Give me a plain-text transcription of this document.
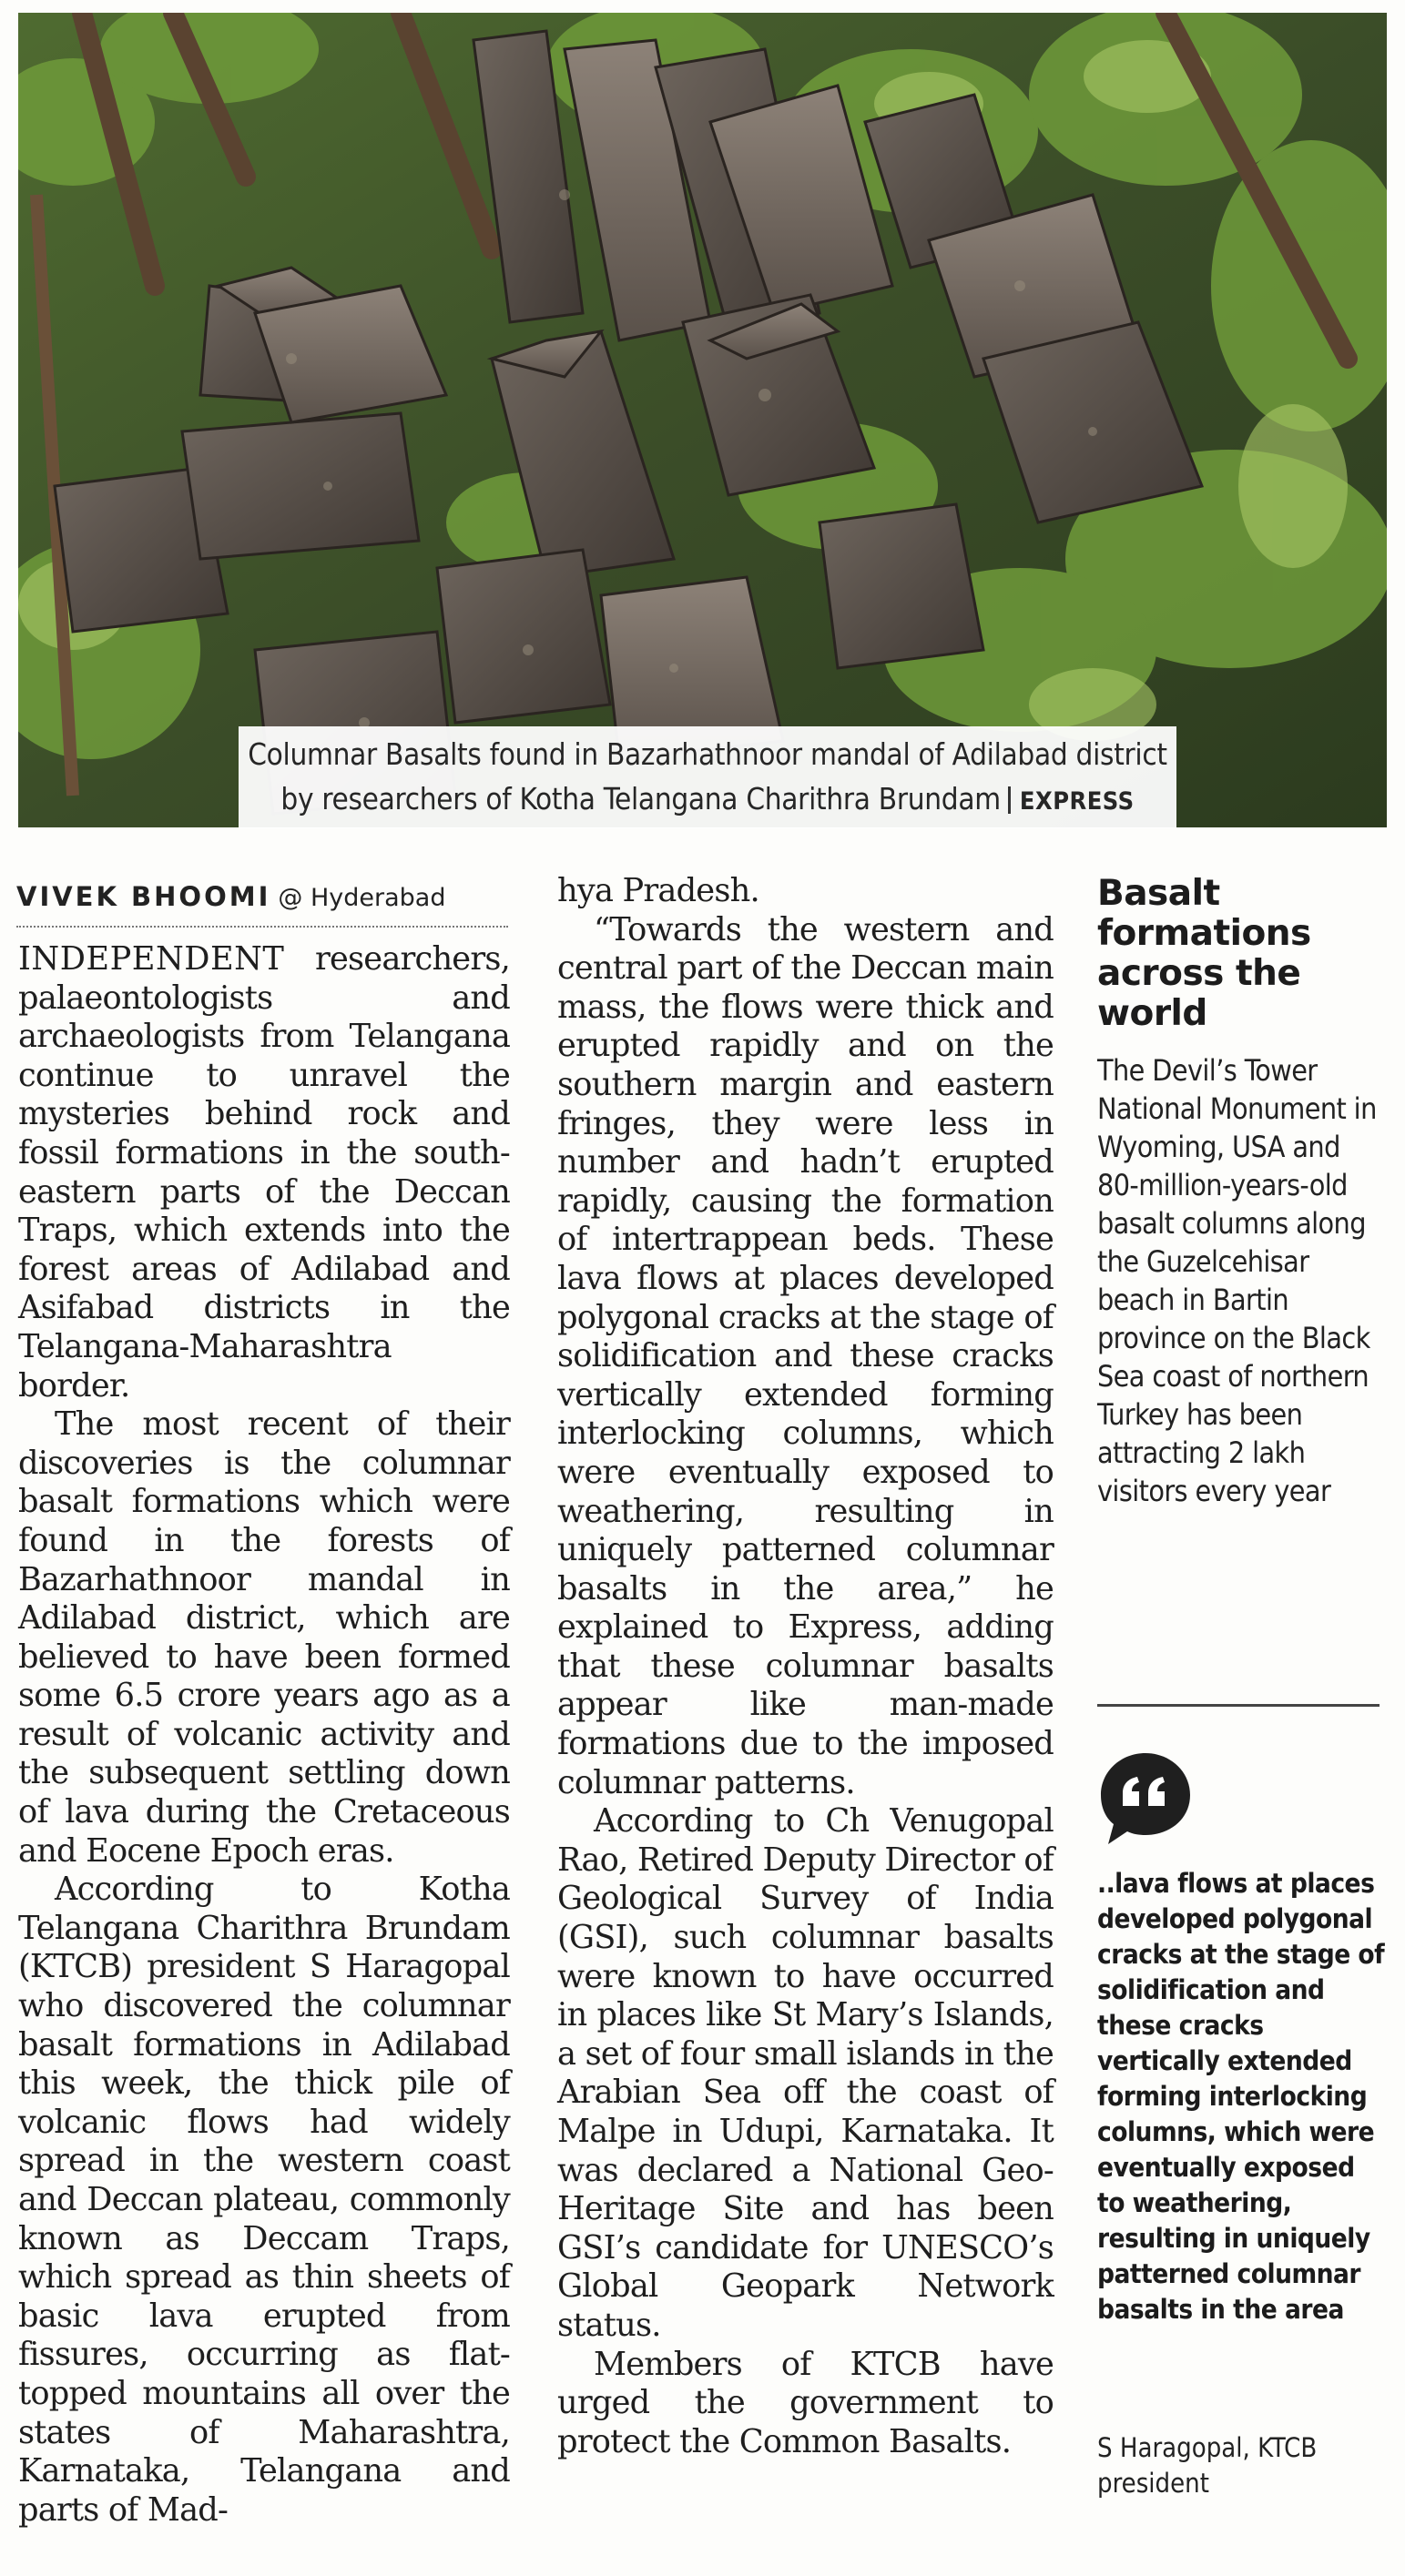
Columnar Basalts found in Bazarhathnoor mandal of Adilabad district
by researchers of Kotha Telangana Charithra Brundam EXPRESS
VIVEK BHOOMI @ Hyderabad

INDEPENDENT researchers, palaeontologists and archaeologists from Telangana continue to unravel the mysteries behind rock and fossil formations in the south-eastern parts of the Deccan Traps, which extends into the forest areas of Adilabad and Asifabad districts in the Telangana-Maharashtra border.

The most recent of their discoveries is the columnar basalt formations which were found in the forests of Bazarhathnoor mandal in Adilabad district, which are believed to have been formed some 6.5 crore years ago as a result of volcanic activity and the subsequent settling down of lava during the Cretaceous and Eocene Epoch eras.

According to Kotha Telangana Charithra Brundam (KTCB) president S Haragopal who discovered the columnar basalt formations in Adilabad this week, the thick pile of volcanic flows had widely spread in the western coast and Deccan plateau, commonly known as Deccam Traps, which spread as thin sheets of basic lava erupted from fissures, occurring as flat-topped mountains all over the states of Maharashtra, Karnataka, Telangana and parts of Mad-

hya Pradesh.

“Towards the western and central part of the Deccan main mass, the flows were thick and erupted rapidly and on the southern margin and eastern fringes, they were less in number and hadn’t erupted rapidly, causing the formation of intertrappean beds. These lava flows at places developed polygonal cracks at the stage of solidification and these cracks vertically extended forming interlocking columns, which were eventually exposed to weathering, resulting in uniquely patterned columnar basalts in the area,” he explained to Express, adding that these columnar basalts appear like man-made formations due to the imposed columnar patterns.

According to Ch Venugopal Rao, Retired Deputy Director of Geological Survey of India (GSI), such columnar basalts were known to have occurred in places like St Mary’s Islands, a set of four small islands in the Arabian Sea off the coast of Malpe in Udupi, Karnataka. It was declared a National Geo-Heritage Site and has been GSI’s candidate for UNESCO’s Global Geopark Network status.

Members of KTCB have urged the government to protect the Common Basalts.

Basalt formations across the world
The Devil’s Tower National Monument in Wyoming, USA and 80-million-years-old basalt columns along the Guzelcehisar beach in Bartin province on the Black Sea coast of northern Turkey has been attracting 2 lakh visitors every year
..lava flows at places developed polygonal cracks at the stage of solidification and these cracks vertically extended forming interlocking columns, which were eventually exposed to weathering, resulting in uniquely patterned columnar basalts in the area
S Haragopal, KTCB president
